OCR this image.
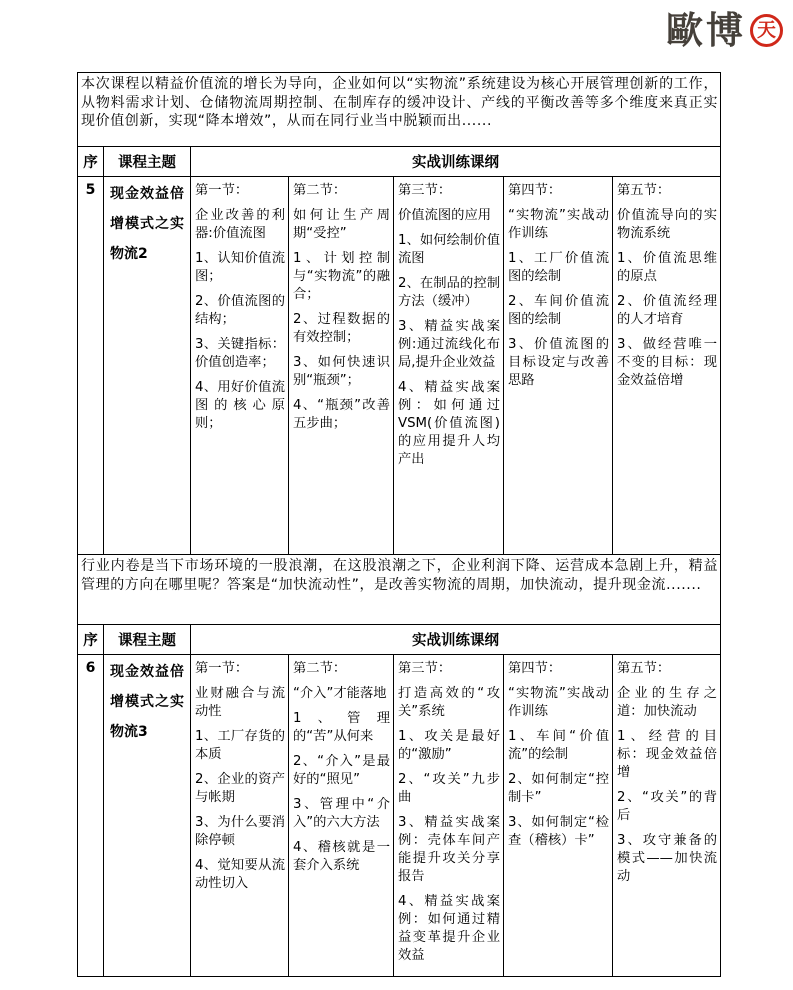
歐博 天
本次课程以精益价值流的增长为导向，企业如何以“实物流”系统建设为核心开展管理创新的工作，从物料需求计划、仓储物流周期控制、在制库存的缓冲设计、产线的平衡改善等多个维度来真正实现价值创新，实现“降本增效”，从而在同行业当中脱颖而出......						
序	课程主题	实战训练课纲				
5	现金效益倍增模式之实物流2	
第一节：
企业改善的利器:价值流图
1、认知价值流图；
2、价值流图的结构；
3、关键指标：价值创造率；
4、用好价值流图的核心原则；

第二节：
如何让生产周期“受控”
1、计划控制与“实物流”的融合；
2、过程数据的有效控制；
3、如何快速识别“瓶颈”；
4、“瓶颈”改善五步曲；

第三节：
价值流图的应用
1、如何绘制价值流图
2、在制品的控制方法（缓冲）
3、精益实战案例:通过流线化布局,提升企业效益
4、精益实战案例：如何通过VSM(价值流图)的应用提升人均产出

第四节：
“实物流”实战动作训练
1、工厂价值流图的绘制
2、车间价值流图的绘制
3、价值流图的目标设定与改善思路

第五节：
价值流导向的实物流系统
1、价值流思维的原点
2、价值流经理的人才培育
3、做经营唯一不变的目标：现金效益倍增

行业内卷是当下市场环境的一股浪潮，在这股浪潮之下，企业利润下降、运营成本急剧上升，精益管理的方向在哪里呢？答案是“加快流动性”，是改善实物流的周期，加快流动，提升现金流.......						
序	课程主题	实战训练课纲				
6	现金效益倍增模式之实物流3	
第一节：
业财融合与流动性
1、工厂存货的本质
2、企业的资产与帐期
3、为什么要消除停顿
4、觉知要从流动性切入

第二节：
“介入”才能落地
1、管理的“苦”从何来
2、“介入”是最好的“照见”
3、管理中“介入”的六大方法
4、稽核就是一套介入系统

第三节：
打造高效的“攻关”系统
1、攻关是最好的“激励”
2、“攻关”九步曲
3、精益实战案例：壳体车间产能提升攻关分享报告
4、精益实战案例：如何通过精益变革提升企业效益

第四节：
“实物流”实战动作训练
1、车间“价值流”的绘制
2、如何制定“控制卡”
3、如何制定“检查（稽核）卡”

第五节：
企业的生存之道：加快流动
1、经营的目标：现金效益倍增
2、“攻关”的背后
3、攻守兼备的模式——加快流动
